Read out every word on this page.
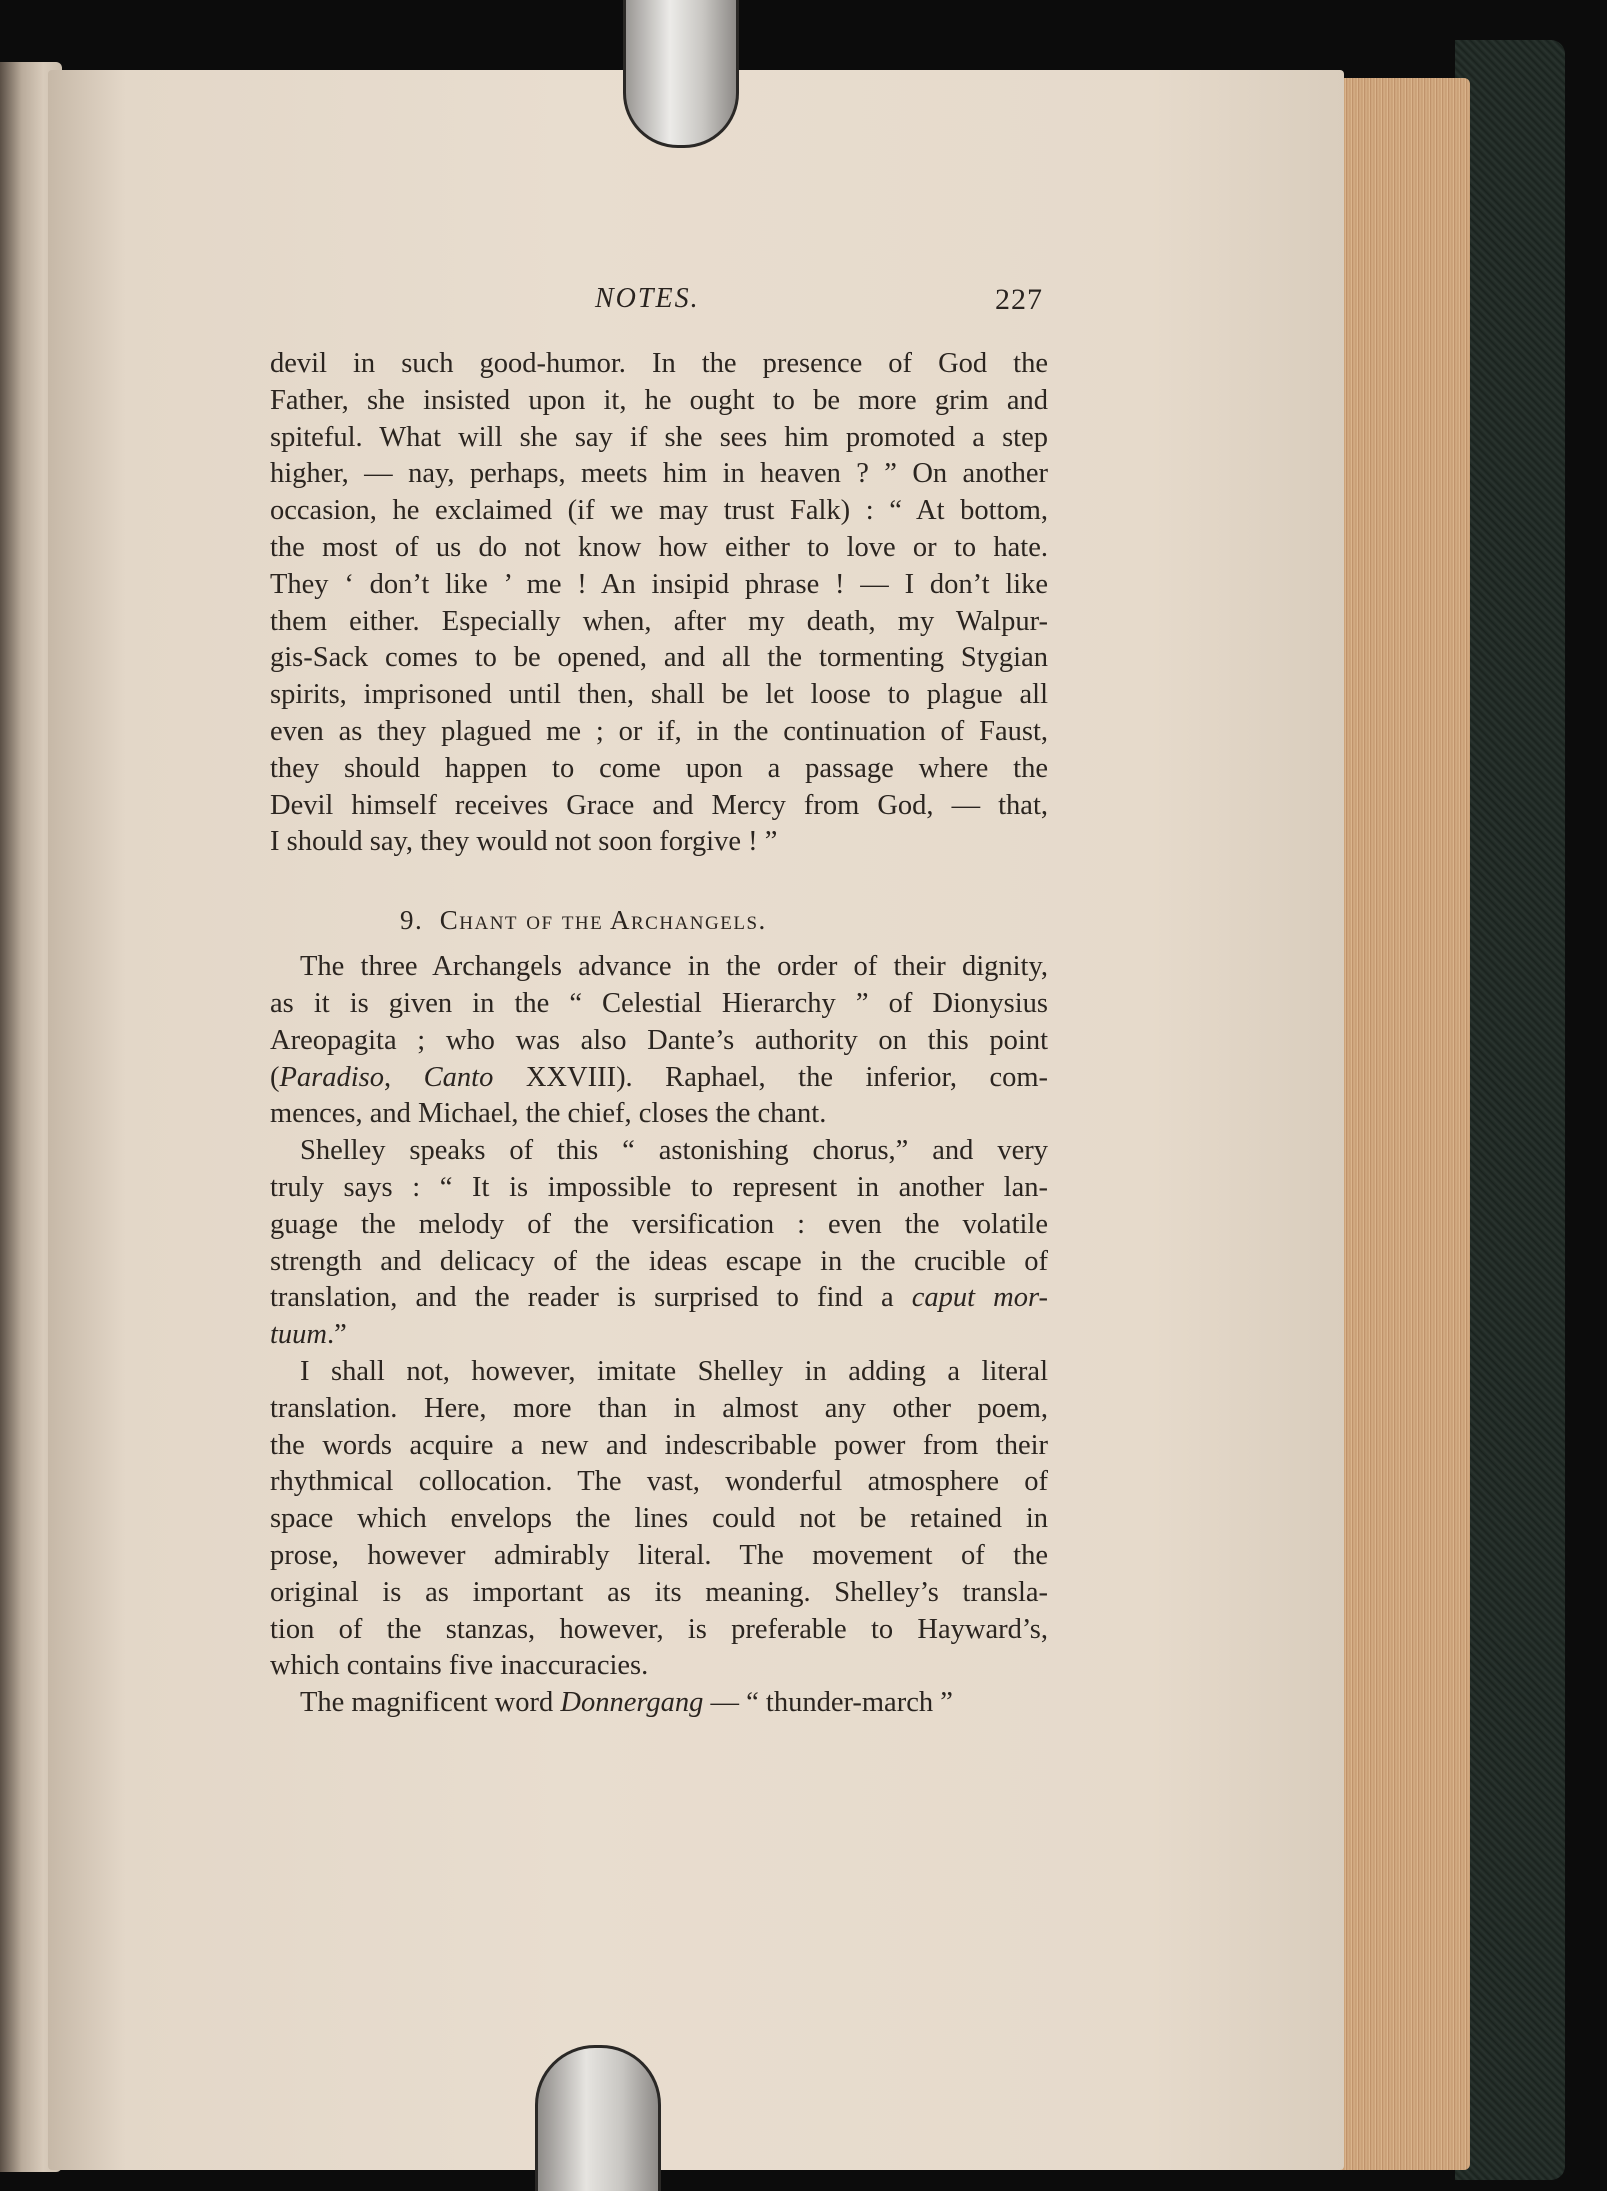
NOTES.	227
devil in such good-humor. In the presence of God the
Father, she insisted upon it, he ought to be more grim and
spiteful. What will she say if she sees him promoted a step
higher, — nay, perhaps, meets him in heaven ? ” On another
occasion, he exclaimed (if we may trust Falk) : “ At bottom,
the most of us do not know how either to love or to hate.
They ‘ don’t like ’ me ! An insipid phrase ! — I don’t like
them either. Especially when, after my death, my Walpur-
gis-Sack comes to be opened, and all the tormenting Stygian
spirits, imprisoned until then, shall be let loose to plague all
even as they plagued me ; or if, in the continuation of Faust,
they should happen to come upon a passage where the
Devil himself receives Grace and Mercy from God, — that,
I should say, they would not soon forgive ! ”
9. Chant of the Archangels.
The three Archangels advance in the order of their dignity,
as it is given in the “ Celestial Hierarchy ” of Dionysius
Areopagita ; who was also Dante’s authority on this point
(Paradiso, Canto XXVIII). Raphael, the inferior, com-
mences, and Michael, the chief, closes the chant.
Shelley speaks of this “ astonishing chorus,” and very
truly says : “ It is impossible to represent in another lan-
guage the melody of the versification : even the volatile
strength and delicacy of the ideas escape in the crucible of
translation, and the reader is surprised to find a caput mor-
tuum.”
I shall not, however, imitate Shelley in adding a literal
translation. Here, more than in almost any other poem,
the words acquire a new and indescribable power from their
rhythmical collocation. The vast, wonderful atmosphere of
space which envelops the lines could not be retained in
prose, however admirably literal. The movement of the
original is as important as its meaning. Shelley’s transla-
tion of the stanzas, however, is preferable to Hayward’s,
which contains five inaccuracies.
The magnificent word Donnergang — “ thunder-march ”
